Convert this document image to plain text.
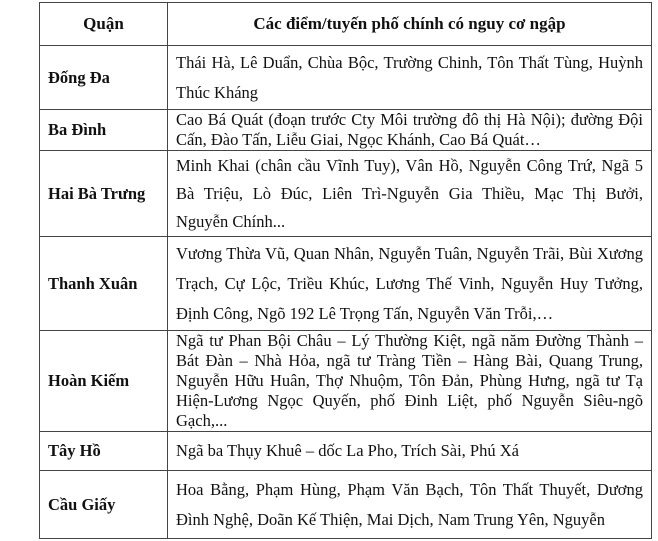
Quận	Các điểm/tuyến phố chính có nguy cơ ngập
Đống Đa	Thái Hà, Lê Duẩn, Chùa Bộc, Trường Chinh, Tôn Thất Tùng, Huỳnh Thúc Kháng
Ba Đình	Cao Bá Quát (đoạn trước Cty Môi trường đô thị Hà Nội); đường Đội Cấn, Đào Tấn, Liễu Giai, Ngọc Khánh, Cao Bá Quát…
Hai Bà Trưng	Minh Khai (chân cầu Vĩnh Tuy), Vân Hồ, Nguyễn Công Trứ, Ngã 5 Bà Triệu, Lò Đúc, Liên Trì-Nguyễn Gia Thiều, Mạc Thị Bưởi, Nguyễn Chính...
Thanh Xuân	Vương Thừa Vũ, Quan Nhân, Nguyễn Tuân, Nguyễn Trãi, Bùi Xương Trạch, Cự Lộc, Triều Khúc, Lương Thế Vinh, Nguyễn Huy Tưởng, Định Công, Ngõ 192 Lê Trọng Tấn, Nguyễn Văn Trỗi,…
Hoàn Kiếm	Ngã tư Phan Bội Châu – Lý Thường Kiệt, ngã năm Đường Thành – Bát Đàn – Nhà Hỏa, ngã tư Tràng Tiền – Hàng Bài, Quang Trung, Nguyễn Hữu Huân, Thợ Nhuộm, Tôn Đản, Phùng Hưng, ngã tư Tạ Hiện-Lương Ngọc Quyến, phố Đinh Liệt, phố Nguyễn Siêu-ngõ Gạch,...
Tây Hồ	Ngã ba Thụy Khuê – dốc La Pho, Trích Sài, Phú Xá
Cầu Giấy	Hoa Bằng, Phạm Hùng, Phạm Văn Bạch, Tôn Thất Thuyết, Dương Đình Nghệ, Doãn Kế Thiện, Mai Dịch, Nam Trung Yên, Nguyễn
